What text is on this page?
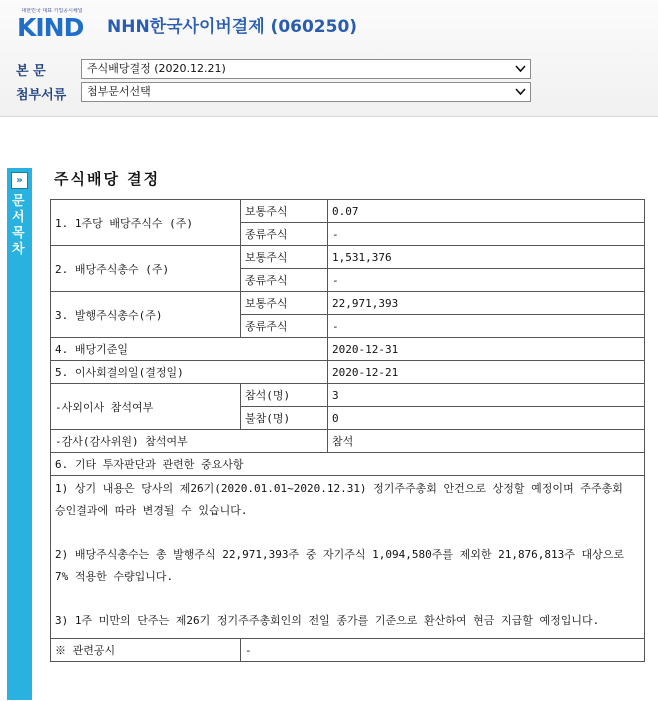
대한민국 대표 기업공시채널
KIND NHN한국사이버결제 (060250)
본 문	주식배당결정 (2020.12.21)
첨부서류	첨부문서선택
»
문서목차
주식배당 결정
1. 1주당 배당주식수 (주)	보통주식	0.07
	종류주식	-
2. 배당주식총수 (주)	보통주식	1,531,376
	종류주식	-
3. 발행주식총수(주)	보통주식	22,971,393
	종류주식	-
4. 배당기준일		2020-12-31
5. 이사회결의일(결정일)		2020-12-21
-사외이사 참석여부	참석(명)	3
	불참(명)	0
-감사(감사위원) 참석여부		참석
6. 기타 투자판단과 관련한 중요사항		

1) 상기 내용은 당사의 제26기(2020.01.01~2020.12.31) 정기주주총회 안건으로 상정할 예정이며 주주총회 승인결과에 따라 변경될 수 있습니다.

2) 배당주식총수는 총 발행주식 22,971,393주 중 자기주식 1,094,580주를 제외한 21,876,813주 대상으로 7% 적용한 수량입니다.

3) 1주 미만의 단주는 제26기 정기주주총회인의 전일 종가를 기준으로 환산하여 현금 지급할 예정입니다.		

※ 관련공시	-	
